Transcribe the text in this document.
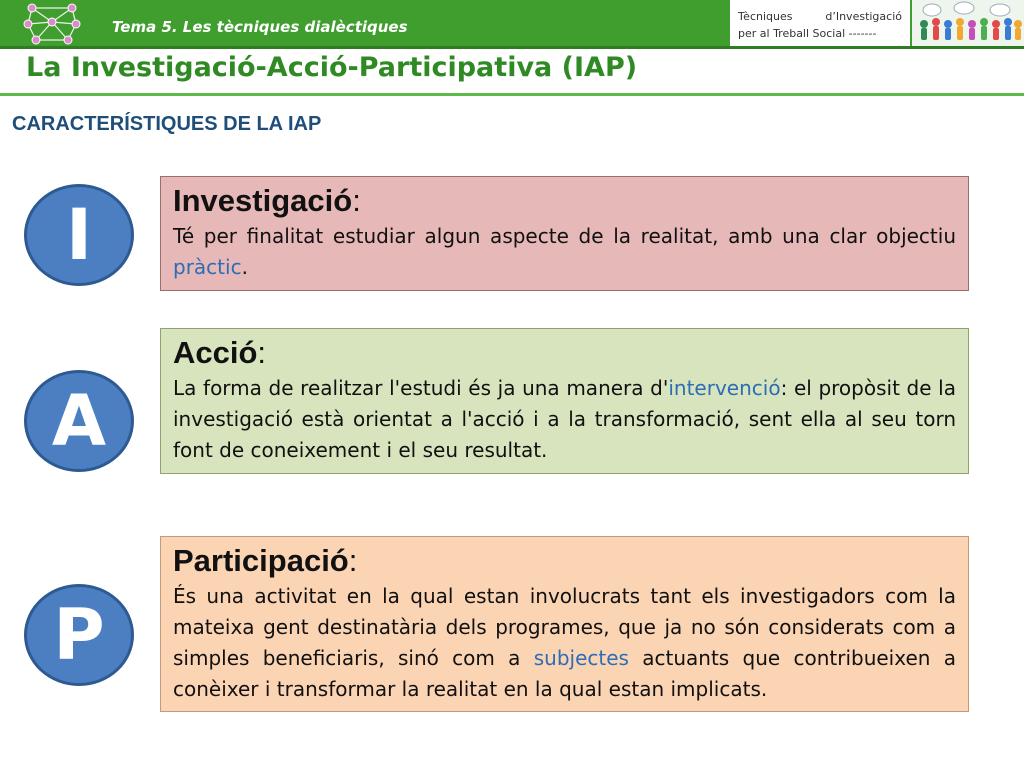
Tema 5. Les tècniques dialèctiques
Tècniques	d’Investigació
per al Treball Social -------
La Investigació-Acció-Participativa (IAP)
CARACTERÍSTIQUES DE LA IAP
I	Investigació:

Té per finalitat estudiar algun aspecte de la realitat, amb una clar objectiu pràctic.

A
Acció:

La forma de realitzar l'estudi és ja una manera d'intervenció: el propòsit de la investigació està orientat a l'acció i a la transformació, sent ella al seu torn font de coneixement i el seu resultat.

P
Participació:

És una activitat en la qual estan involucrats tant els investigadors com la mateixa gent destinatària dels programes, que ja no són considerats com a simples beneficiaris, sinó com a subjectes actuants que contribueixen a conèixer i transformar la realitat en la qual estan implicats.
